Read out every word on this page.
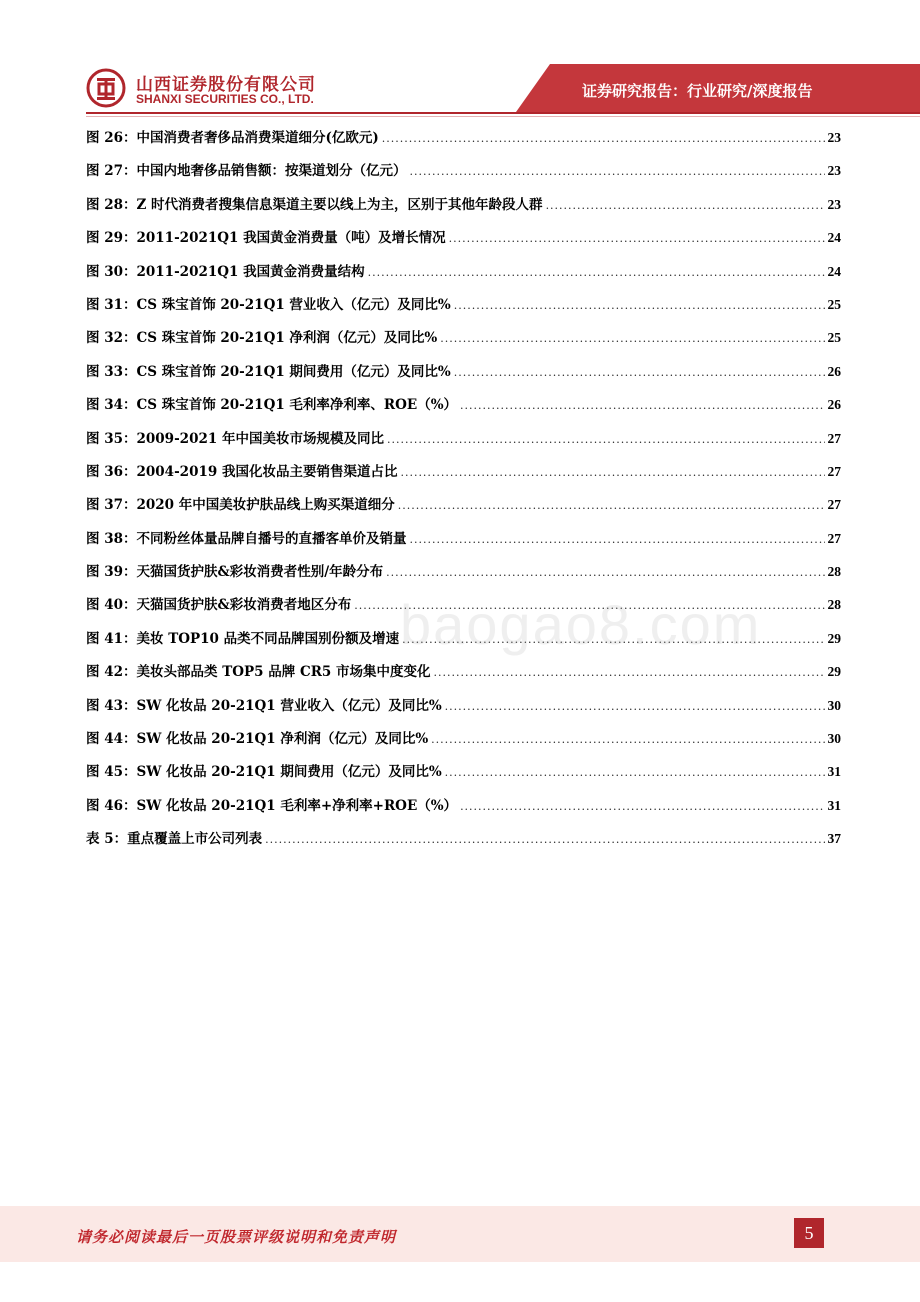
山西证券股份有限公司
SHANXI SECURITIES CO., LTD.	证券研究报告：行业研究/深度报告
图 26： 中国消费者奢侈品消费渠道细分(亿欧元) .....	23
图 27： 中国内地奢侈品销售额：按渠道划分（亿元） .....	23
图 28： Z 时代消费者搜集信息渠道主要以线上为主，区别于其他年龄段人群 .....	23
图 29： 2011-2021Q1 我国黄金消费量（吨）及增长情况 .....	24
图 30： 2011-2021Q1 我国黄金消费量结构 .....	24
图 31： CS 珠宝首饰 20-21Q1 营业收入（亿元）及同比% .....	25
图 32： CS 珠宝首饰 20-21Q1 净利润（亿元）及同比% .....	25
图 33： CS 珠宝首饰 20-21Q1 期间费用（亿元）及同比% .....	26
图 34： CS 珠宝首饰 20-21Q1 毛利率净利率、ROE（%） .....	26
图 35： 2009-2021 年中国美妆市场规模及同比 .....	27
图 36： 2004-2019 我国化妆品主要销售渠道占比 .....	27
图 37： 2020 年中国美妆护肤品线上购买渠道细分 .....	27
图 38： 不同粉丝体量品牌自播号的直播客单价及销量 .....	27
图 39： 天猫国货护肤&彩妆消费者性别/年龄分布 .....	28
图 40： 天猫国货护肤&彩妆消费者地区分布 .....	28
图 41： 美妆 TOP10 品类不同品牌国别份额及增速 .....	29
图 42： 美妆头部品类 TOP5 品牌 CR5 市场集中度变化 .....	29
图 43： SW 化妆品 20-21Q1 营业收入（亿元）及同比% .....	30
图 44： SW 化妆品 20-21Q1 净利润（亿元）及同比% .....	30
图 45： SW 化妆品 20-21Q1 期间费用（亿元）及同比% .....	31
图 46： SW 化妆品 20-21Q1 毛利率+净利率+ROE（%） .....	31
表 5： 重点覆盖上市公司列表 .....	37
baogao8.com
请务必阅读最后一页股票评级说明和免责声明	5
